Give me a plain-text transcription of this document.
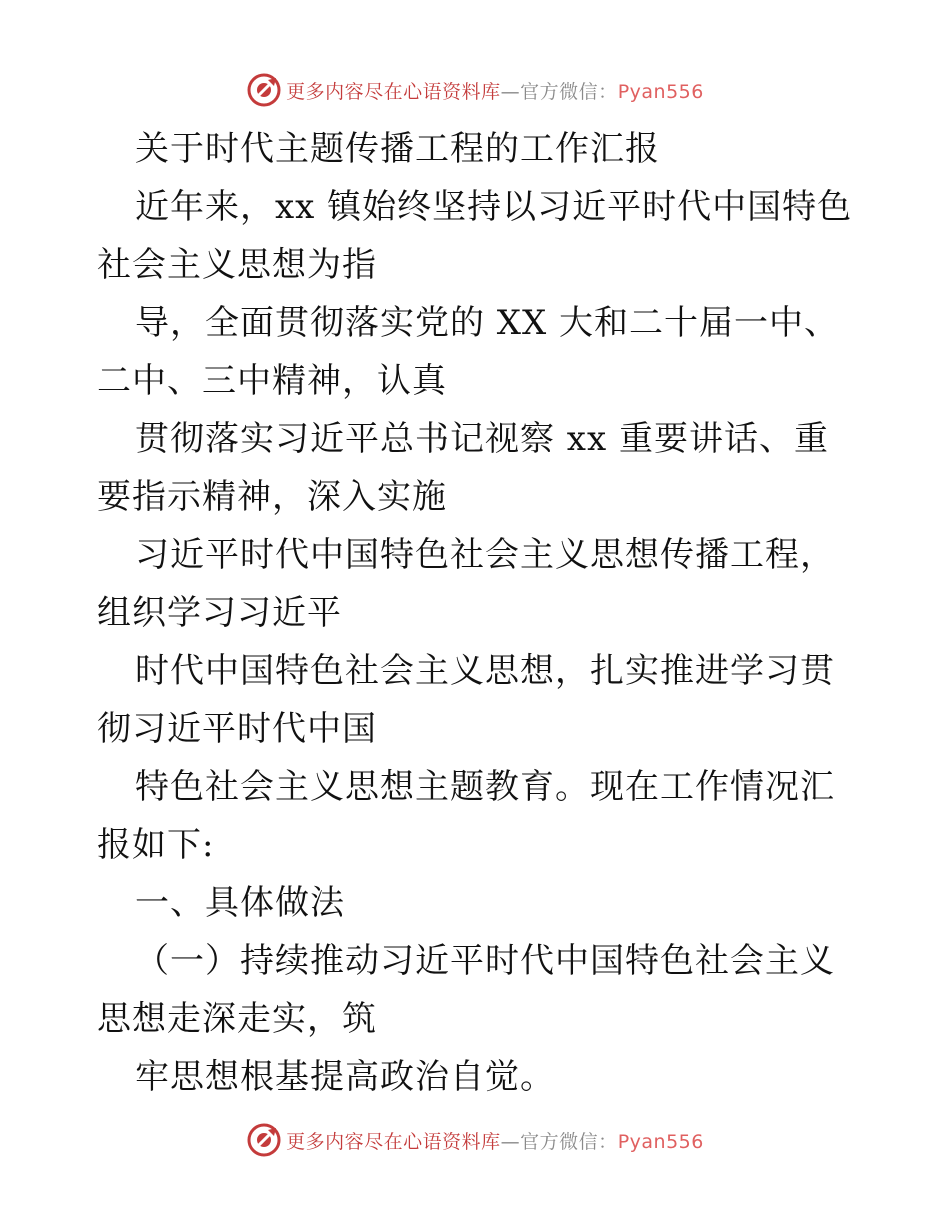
更多内容尽在心语资料库—官方微信：Pyan556

关于时代主题传播工程的工作汇报

近年来，xx 镇始终坚持以习近平时代中国特色社会主义思想为指

导，全面贯彻落实党的 XX 大和二十届一中、二中、三中精神，认真

贯彻落实习近平总书记视察 xx 重要讲话、重要指示精神，深入实施

习近平时代中国特色社会主义思想传播工程，组织学习习近平

时代中国特色社会主义思想，扎实推进学习贯彻习近平时代中国

特色社会主义思想主题教育。现在工作情况汇报如下:

一、具体做法

（一）持续推动习近平时代中国特色社会主义思想走深走实，筑

牢思想根基提高政治自觉。

更多内容尽在心语资料库—官方微信：Pyan556
